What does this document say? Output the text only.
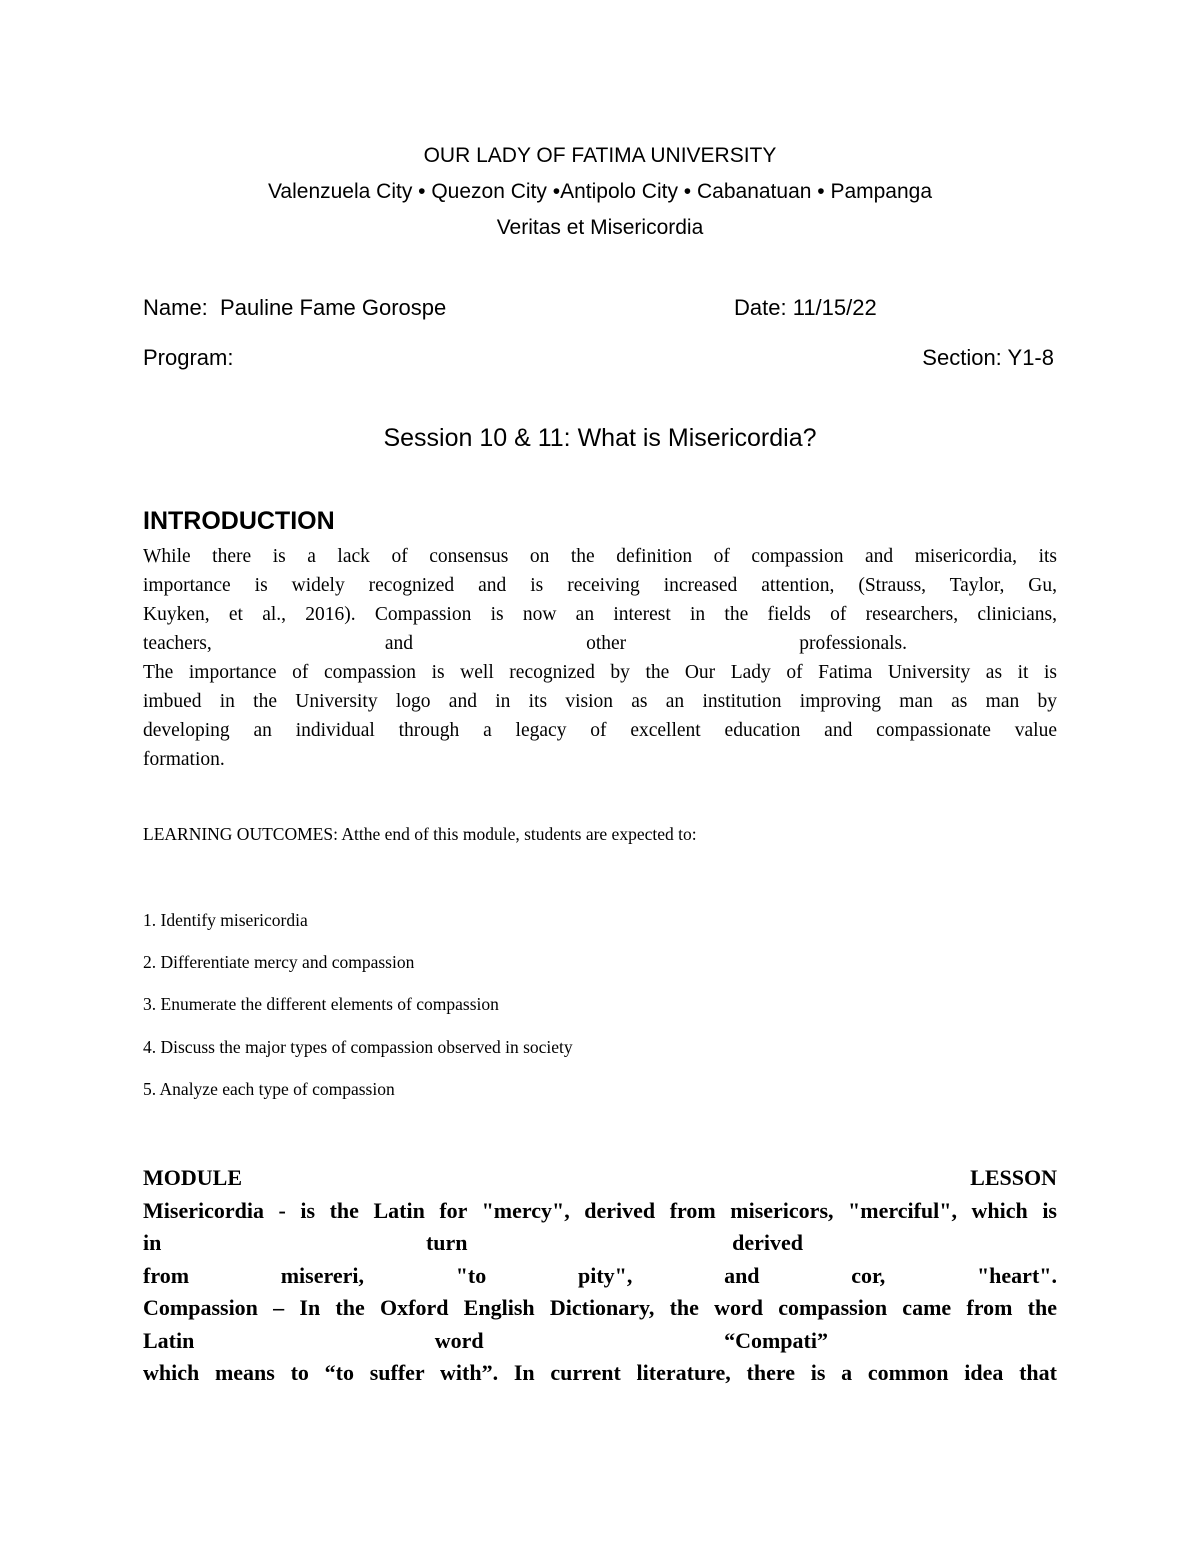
OUR LADY OF FATIMA UNIVERSITY
Valenzuela City • Quezon City •Antipolo City • Cabanatuan • Pampanga
Veritas et Misericordia
Name: Pauline Fame Gorospe	Date: 11/15/22
Program:	Section: Y1-8
Session 10 & 11: What is Misericordia?
INTRODUCTION
While there is a lack of consensus on the definition of compassion and misericordia, its
importance is widely recognized and is receiving increased attention, (Strauss, Taylor, Gu,
Kuyken, et al., 2016). Compassion is now an interest in the fields of researchers, clinicians,
teachers,	and	other	professionals.
The importance of compassion is well recognized by the Our Lady of Fatima University as it is
imbued in the University logo and in its vision as an institution improving man as man by
developing an individual through a legacy of excellent education and compassionate value
formation.
LEARNING OUTCOMES: Atthe end of this module, students are expected to:
1. Identify misericordia
2. Differentiate mercy and compassion
3. Enumerate the different elements of compassion
4. Discuss the major types of compassion observed in society
5. Analyze each type of compassion
MODULE	LESSON
Misericordia - is the Latin for "mercy", derived from misericors, "merciful", which is
in	turn	derived
from	misereri,	"to	pity",	and	cor,	"heart".
Compassion – In the Oxford English Dictionary, the word compassion came from the
Latin	word	“Compati”
which means to “to suffer with”. In current literature, there is a common idea that
